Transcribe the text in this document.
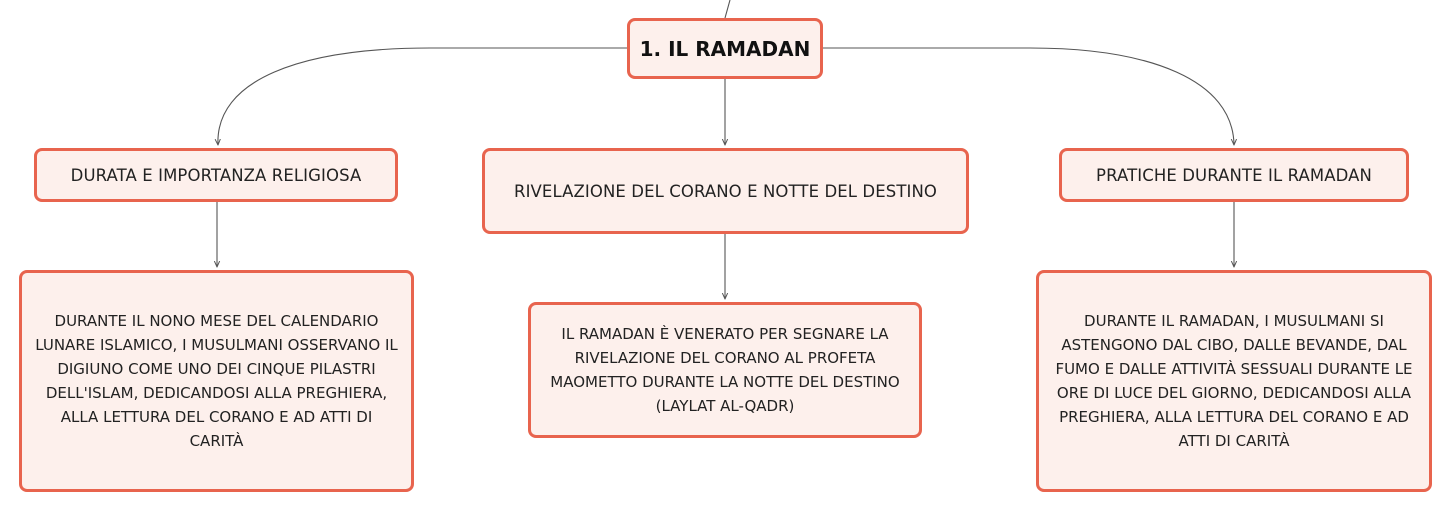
1. IL RAMADAN
DURATA E IMPORTANZA RELIGIOSA
RIVELAZIONE DEL CORANO E NOTTE DEL DESTINO
PRATICHE DURANTE IL RAMADAN
DURANTE IL NONO MESE DEL CALENDARIO LUNARE ISLAMICO, I MUSULMANI OSSERVANO IL DIGIUNO COME UNO DEI CINQUE PILASTRI DELL'ISLAM, DEDICANDOSI ALLA PREGHIERA, ALLA LETTURA DEL CORANO E AD ATTI DI CARITÀ
IL RAMADAN È VENERATO PER SEGNARE LA RIVELAZIONE DEL CORANO AL PROFETA MAOMETTO DURANTE LA NOTTE DEL DESTINO (LAYLAT AL-QADR)
DURANTE IL RAMADAN, I MUSULMANI SI ASTENGONO DAL CIBO, DALLE BEVANDE, DAL FUMO E DALLE ATTIVITÀ SESSUALI DURANTE LE ORE DI LUCE DEL GIORNO, DEDICANDOSI ALLA PREGHIERA, ALLA LETTURA DEL CORANO E AD ATTI DI CARITÀ
